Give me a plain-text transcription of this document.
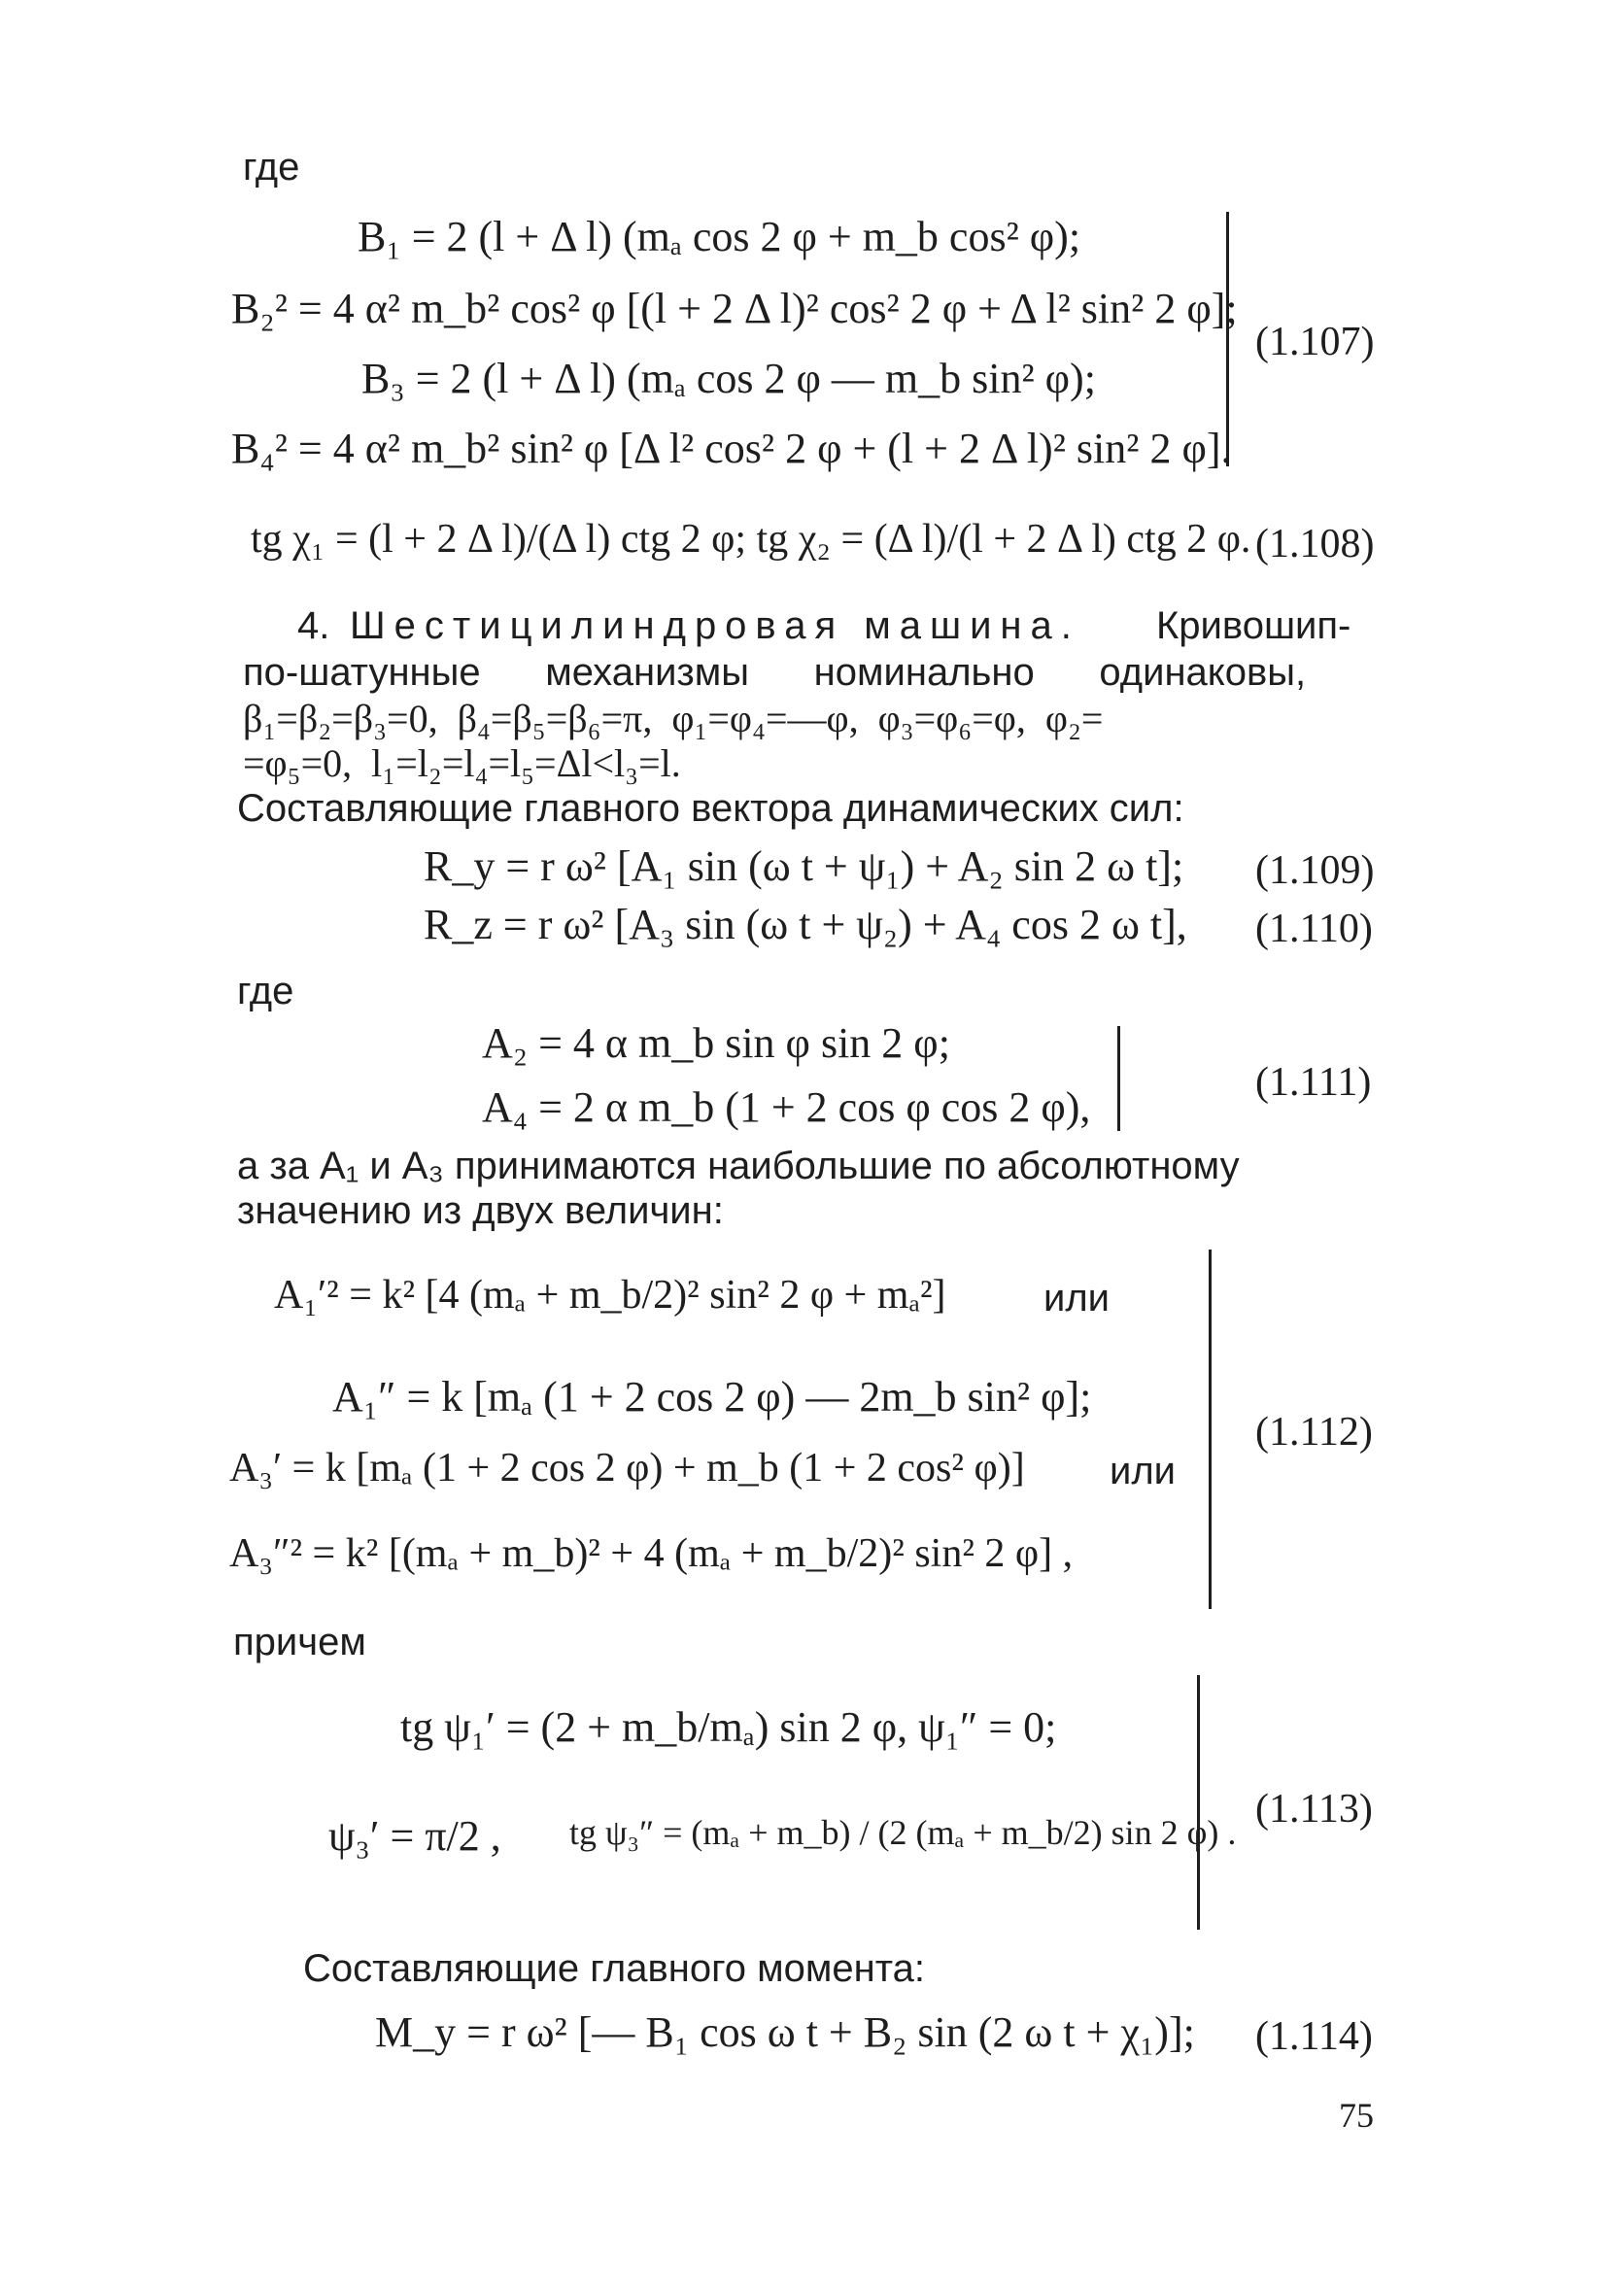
где
B₁ = 2 (l + Δ l) (mₐ cos 2 φ + m_b cos² φ);
B₂² = 4 α² m_b² cos² φ [(l + 2 Δ l)² cos² 2 φ + Δ l² sin² 2 φ];
B₃ = 2 (l + Δ l) (mₐ cos 2 φ — m_b sin² φ);
B₄² = 4 α² m_b² sin² φ [Δ l² cos² 2 φ + (l + 2 Δ l)² sin² 2 φ].
(1.107)
tg χ₁ = (l + 2 Δ l)/(Δ l) ctg 2 φ; tg χ₂ = (Δ l)/(l + 2 Δ l) ctg 2 φ. (1.108)
4. Шестицилиндровая машина. Кривошип-
по-шатунные      механизмы      номинально      одинаковы,
β₁=β₂=β₃=0,  β₄=β₅=β₆=π,  φ₁=φ₄=—φ,  φ₃=φ₆=φ,  φ₂=
=φ₅=0,  l₁=l₂=l₄=l₅=Δl<l₃=l.
Составляющие главного вектора динамических сил:
R_y = r ω² [A₁ sin (ω t + ψ₁) + A₂ sin 2 ω t]; (1.109)
R_z = r ω² [A₃ sin (ω t + ψ₂) + A₄ cos 2 ω t], (1.110)
где
A₂ = 4 α m_b sin φ sin 2 φ;
A₄ = 2 α m_b (1 + 2 cos φ cos 2 φ),
(1.111)
а за A₁ и A₃ принимаются наибольшие по абсолютному
значению из двух величин:
A₁′² = k² [4 (mₐ + m_b/2)² sin² 2 φ + mₐ²]	или
A₁″ = k [mₐ (1 + 2 cos 2 φ) — 2m_b sin² φ];
A₃′ = k [mₐ (1 + 2 cos 2 φ) + m_b (1 + 2 cos² φ)] или
A₃″² = k² [(mₐ + m_b)² + 4 (mₐ + m_b/2)² sin² 2 φ] ,
(1.112)
причем
tg ψ₁′ = (2 + m_b/mₐ) sin 2 φ, ψ₁″ = 0;
ψ₃′ = π/2 , tg ψ₃″ = (mₐ + m_b) / (2 (mₐ + m_b/2) sin 2 φ) .
(1.113)
Составляющие главного момента:
M_y = r ω² [— B₁ cos ω t + B₂ sin (2 ω t + χ₁)]; (1.114)
75
